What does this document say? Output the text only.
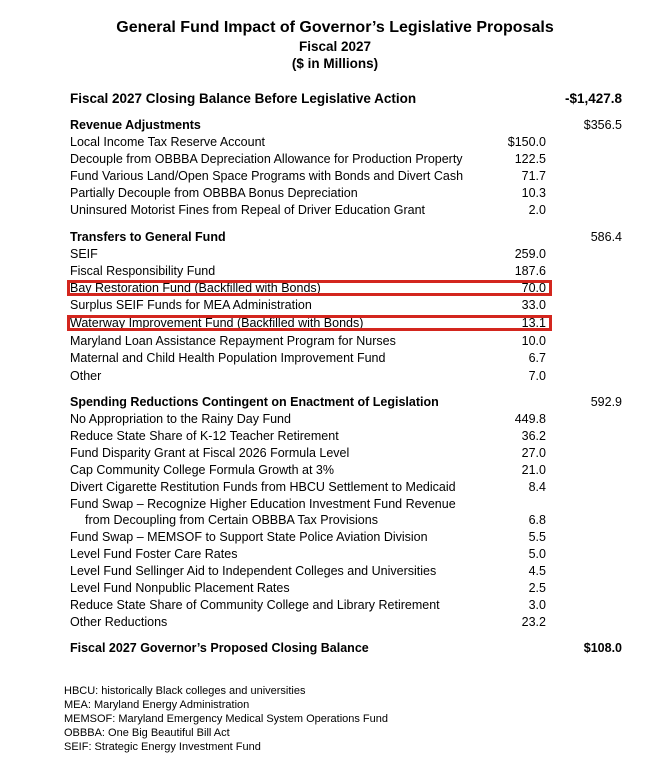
General Fund Impact of Governor’s Legislative Proposals
Fiscal 2027
($ in Millions)
Fiscal 2027 Closing Balance Before Legislative Action	-$1,427.8
Revenue Adjustments	$356.5
Local Income Tax Reserve Account	$150.0
Decouple from OBBBA Depreciation Allowance for Production Property	122.5
Fund Various Land/Open Space Programs with Bonds and Divert Cash	71.7
Partially Decouple from OBBBA Bonus Depreciation	10.3
Uninsured Motorist Fines from Repeal of Driver Education Grant	2.0
Transfers to General Fund	586.4
SEIF	259.0
Fiscal Responsibility Fund	187.6
Bay Restoration Fund (Backfilled with Bonds)	70.0
Surplus SEIF Funds for MEA Administration	33.0
Waterway Improvement Fund (Backfilled with Bonds)	13.1
Maryland Loan Assistance Repayment Program for Nurses	10.0
Maternal and Child Health Population Improvement Fund	6.7
Other	7.0
Spending Reductions Contingent on Enactment of Legislation	592.9
No Appropriation to the Rainy Day Fund	449.8
Reduce State Share of K-12 Teacher Retirement	36.2
Fund Disparity Grant at Fiscal 2026 Formula Level	27.0
Cap Community College Formula Growth at 3%	21.0
Divert Cigarette Restitution Funds from HBCU Settlement to Medicaid	8.4
Fund Swap – Recognize Higher Education Investment Fund Revenue
from Decoupling from Certain OBBBA Tax Provisions	6.8
Fund Swap – MEMSOF to Support State Police Aviation Division	5.5
Level Fund Foster Care Rates	5.0
Level Fund Sellinger Aid to Independent Colleges and Universities	4.5
Level Fund Nonpublic Placement Rates	2.5
Reduce State Share of Community College and Library Retirement	3.0
Other Reductions	23.2
Fiscal 2027 Governor’s Proposed Closing Balance	$108.0
HBCU: historically Black colleges and universities
MEA: Maryland Energy Administration
MEMSOF: Maryland Emergency Medical System Operations Fund
OBBBA: One Big Beautiful Bill Act
SEIF: Strategic Energy Investment Fund
